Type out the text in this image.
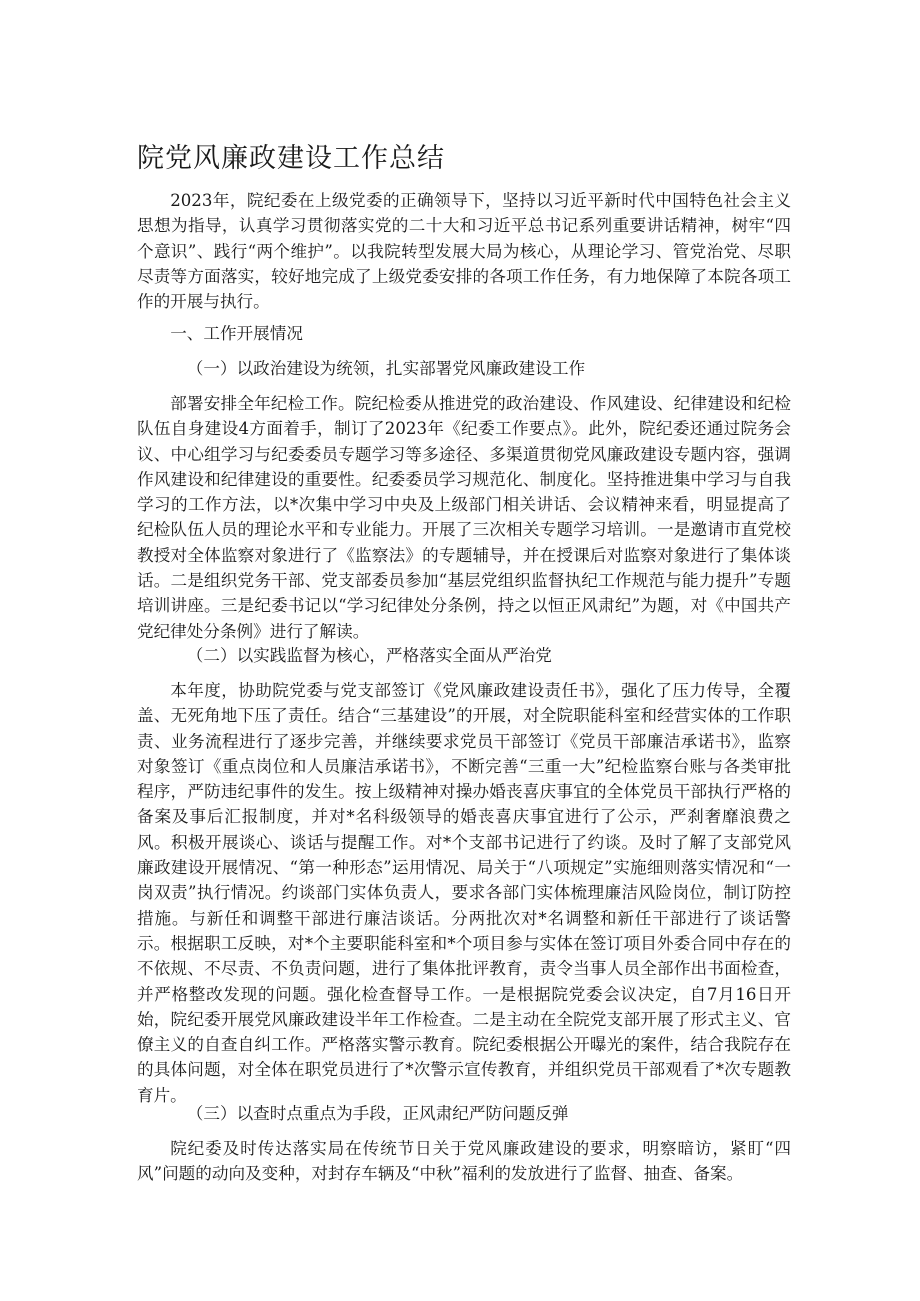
院党风廉政建设工作总结

2023年，院纪委在上级党委的正确领导下，坚持以习近平新时代中国特色社会主义思想为指导，认真学习贯彻落实党的二十大和习近平总书记系列重要讲话精神，树牢“四个意识”、践行“两个维护”。以我院转型发展大局为核心，从理论学习、管党治党、尽职尽责等方面落实，较好地完成了上级党委安排的各项工作任务，有力地保障了本院各项工作的开展与执行。

一、工作开展情况

（一）以政治建设为统领，扎实部署党风廉政建设工作

部署安排全年纪检工作。院纪检委从推进党的政治建设、作风建设、纪律建设和纪检队伍自身建设4方面着手，制订了2023年《纪委工作要点》。此外，院纪委还通过院务会议、中心组学习与纪委委员专题学习等多途径、多渠道贯彻党风廉政建设专题内容，强调作风建设和纪律建设的重要性。纪委委员学习规范化、制度化。坚持推进集中学习与自我学习的工作方法，以*次集中学习中央及上级部门相关讲话、会议精神来看，明显提高了纪检队伍人员的理论水平和专业能力。开展了三次相关专题学习培训。一是邀请市直党校教授对全体监察对象进行了《监察法》的专题辅导，并在授课后对监察对象进行了集体谈话。二是组织党务干部、党支部委员参加“基层党组织监督执纪工作规范与能力提升”专题培训讲座。三是纪委书记以“学习纪律处分条例，持之以恒正风肃纪”为题，对《中国共产党纪律处分条例》进行了解读。

（二）以实践监督为核心，严格落实全面从严治党

本年度，协助院党委与党支部签订《党风廉政建设责任书》，强化了压力传导，全覆盖、无死角地下压了责任。结合“三基建设”的开展，对全院职能科室和经营实体的工作职责、业务流程进行了逐步完善，并继续要求党员干部签订《党员干部廉洁承诺书》，监察对象签订《重点岗位和人员廉洁承诺书》，不断完善“三重一大”纪检监察台账与各类审批程序，严防违纪事件的发生。按上级精神对操办婚丧喜庆事宜的全体党员干部执行严格的备案及事后汇报制度，并对*名科级领导的婚丧喜庆事宜进行了公示，严刹奢靡浪费之风。积极开展谈心、谈话与提醒工作。对*个支部书记进行了约谈。及时了解了支部党风廉政建设开展情况、“第一种形态”运用情况、局关于“八项规定”实施细则落实情况和“一岗双责”执行情况。约谈部门实体负责人，要求各部门实体梳理廉洁风险岗位，制订防控措施。与新任和调整干部进行廉洁谈话。分两批次对*名调整和新任干部进行了谈话警示。根据职工反映，对*个主要职能科室和*个项目参与实体在签订项目外委合同中存在的不依规、不尽责、不负责问题，进行了集体批评教育，责令当事人员全部作出书面检查，并严格整改发现的问题。强化检查督导工作。一是根据院党委会议决定，自7月16日开始，院纪委开展党风廉政建设半年工作检查。二是主动在全院党支部开展了形式主义、官僚主义的自查自纠工作。严格落实警示教育。院纪委根据公开曝光的案件，结合我院存在的具体问题，对全体在职党员进行了*次警示宣传教育，并组织党员干部观看了*次专题教育片。

（三）以查时点重点为手段，正风肃纪严防问题反弹

院纪委及时传达落实局在传统节日关于党风廉政建设的要求，明察暗访，紧盯“四风”问题的动向及变种，对封存车辆及“中秋”福利的发放进行了监督、抽查、备案。
